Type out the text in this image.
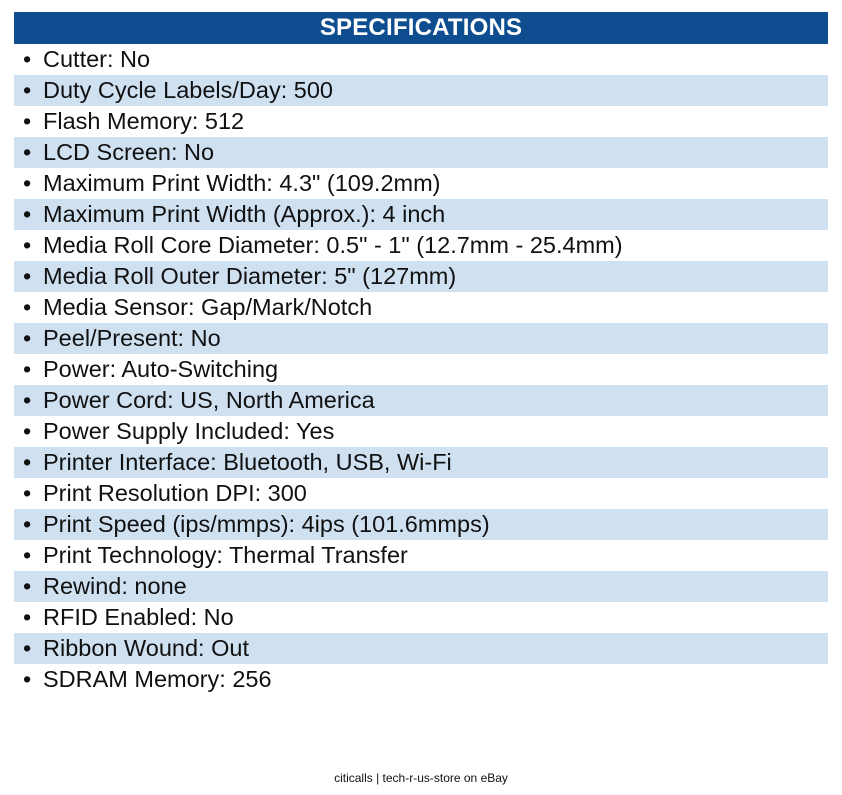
SPECIFICATIONS
• Cutter: No
• Duty Cycle Labels/Day: 500
• Flash Memory: 512
• LCD Screen: No
• Maximum Print Width: 4.3" (109.2mm)
• Maximum Print Width (Approx.): 4 inch
• Media Roll Core Diameter: 0.5" - 1" (12.7mm - 25.4mm)
• Media Roll Outer Diameter: 5" (127mm)
• Media Sensor: Gap/Mark/Notch
• Peel/Present: No
• Power: Auto-Switching
• Power Cord: US, North America
• Power Supply Included: Yes
• Printer Interface: Bluetooth, USB, Wi-Fi
• Print Resolution DPI: 300
• Print Speed (ips/mmps): 4ips (101.6mmps)
• Print Technology: Thermal Transfer
• Rewind: none
• RFID Enabled: No
• Ribbon Wound: Out
• SDRAM Memory: 256
citicalls | tech-r-us-store on eBay
